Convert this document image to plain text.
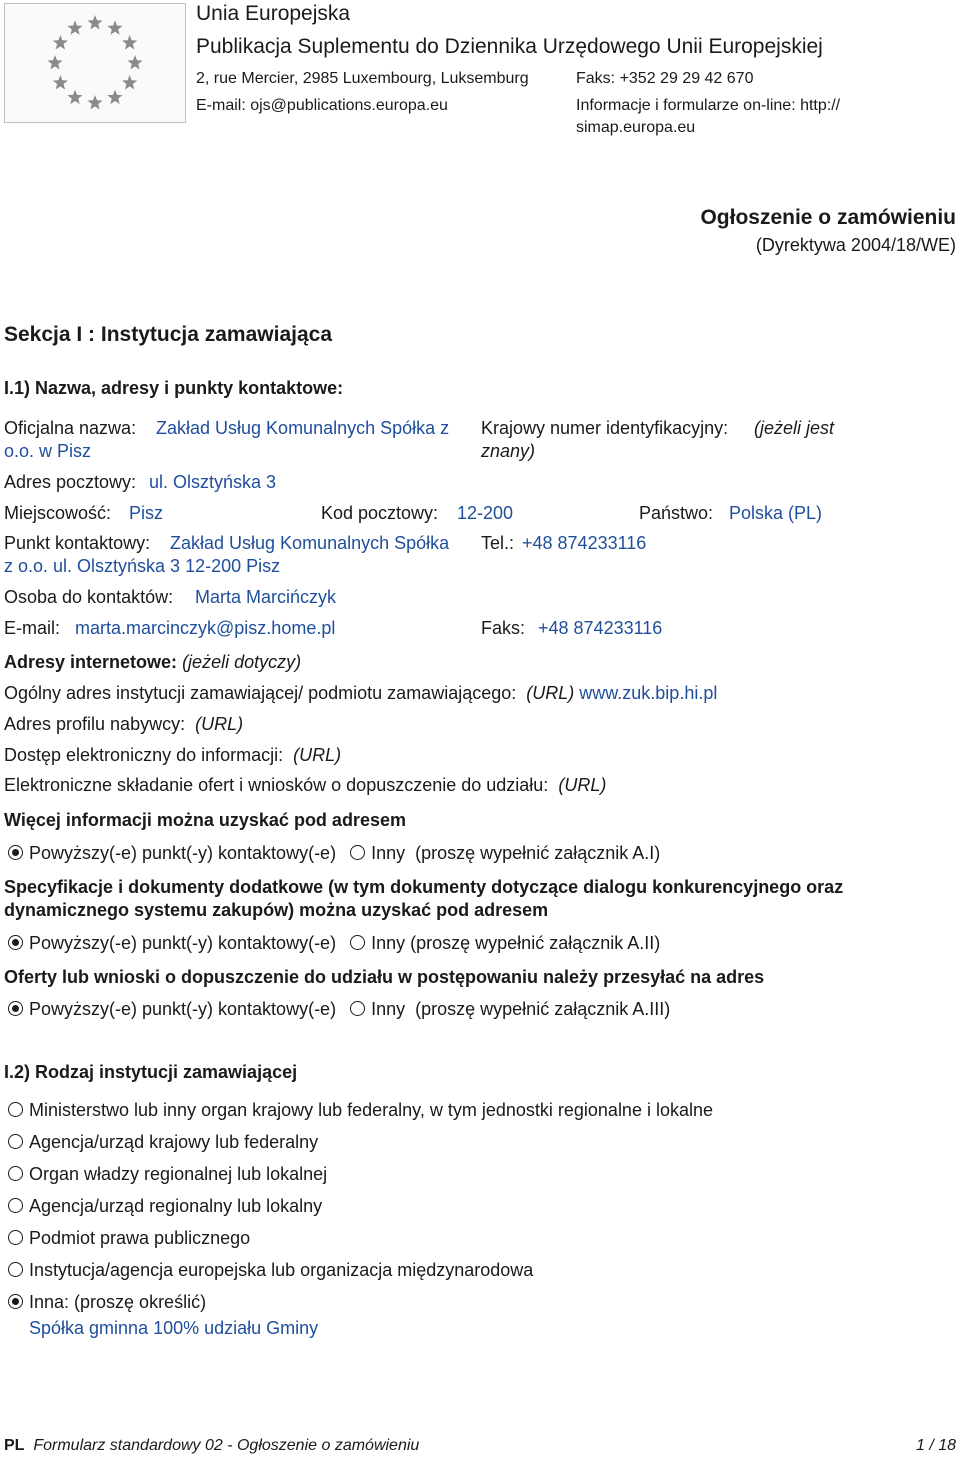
Unia Europejska
Publikacja Suplementu do Dziennika Urzędowego Unii Europejskiej
2, rue Mercier, 2985 Luxembourg, Luksemburg	Faks: +352 29 29 42 670
E-mail: ojs@publications.europa.eu	Informacje i formularze on-line: http://
simap.europa.eu
Ogłoszenie o zamówieniu
(Dyrektywa 2004/18/WE)
Sekcja I : Instytucja zamawiająca
I.1) Nazwa, adresy i punkty kontaktowe:
Oficjalna nazwa: Zakład Usług Komunalnych Spółka z
o.o. w Pisz
Krajowy numer identyfikacyjny: (jeżeli jest
znany)
Adres pocztowy: ul. Olsztyńska 3
Miejscowość: Pisz	Kod pocztowy: 12-200	Państwo: Polska (PL)
Punkt kontaktowy: Zakład Usług Komunalnych Spółka
z o.o. ul. Olsztyńska 3 12-200 Pisz
Tel.: +48 874233116
Osoba do kontaktów: Marta Marcińczyk
E-mail: marta.marcinczyk@pisz.home.pl	Faks: +48 874233116
Adresy internetowe: (jeżeli dotyczy)
Ogólny adres instytucji zamawiającej/ podmiotu zamawiającego: (URL) www.zuk.bip.hi.pl
Adres profilu nabywcy: (URL)
Dostęp elektroniczny do informacji: (URL)
Elektroniczne składanie ofert i wniosków o dopuszczenie do udziału: (URL)
Więcej informacji można uzyskać pod adresem
Powyższy(-e) punkt(-y) kontaktowy(-e) Inny (proszę wypełnić załącznik A.I)
Specyfikacje i dokumenty dodatkowe (w tym dokumenty dotyczące dialogu konkurencyjnego oraz
dynamicznego systemu zakupów) można uzyskać pod adresem
Powyższy(-e) punkt(-y) kontaktowy(-e) Inny (proszę wypełnić załącznik A.II)
Oferty lub wnioski o dopuszczenie do udziału w postępowaniu należy przesyłać na adres
Powyższy(-e) punkt(-y) kontaktowy(-e) Inny (proszę wypełnić załącznik A.III)
I.2) Rodzaj instytucji zamawiającej
Ministerstwo lub inny organ krajowy lub federalny, w tym jednostki regionalne i lokalne
Agencja/urząd krajowy lub federalny
Organ władzy regionalnej lub lokalnej
Agencja/urząd regionalny lub lokalny
Podmiot prawa publicznego
Instytucja/agencja europejska lub organizacja międzynarodowa
Inna: (proszę określić)
Spółka gminna 100% udziału Gminy
PL Formularz standardowy 02 - Ogłoszenie o zamówieniu	1 / 18
